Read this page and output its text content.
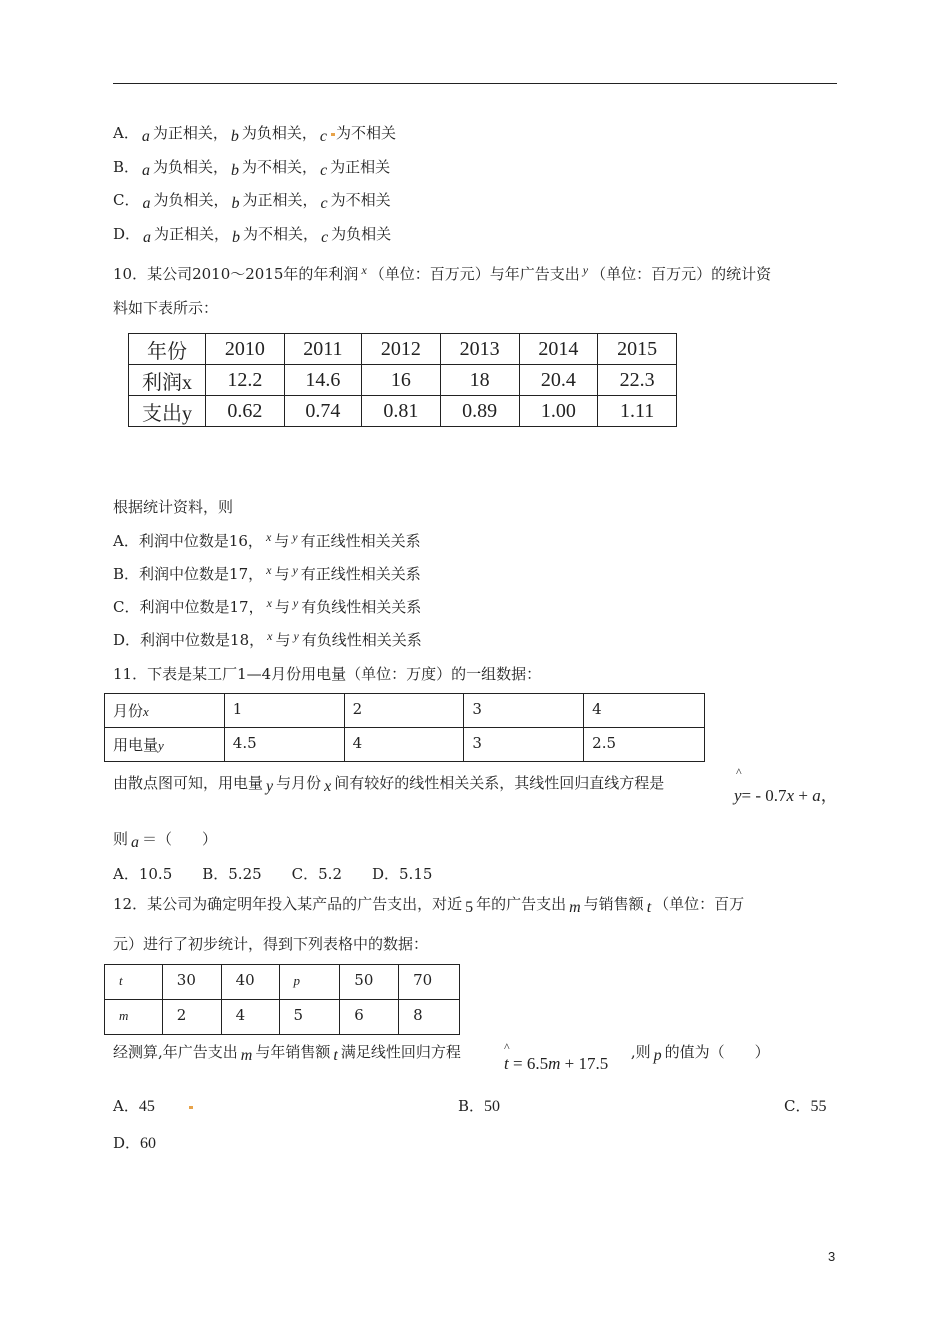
A． a 为正相关， b 为负相关， c 为不相关
B． a 为负相关， b 为不相关， c 为正相关
C． a 为负相关， b 为正相关， c 为不相关
D． a 为正相关， b 为不相关， c 为负相关
10．某公司2010～2015年的年利润 $^x$ （单位：百万元）与年广告支出 $^y$ （单位：百万元）的统计资
料如下表所示：
年份	2010	2011	2012	2013	2014	2015
利润x	12.2	14.6	16	18	20.4	22.3
支出y	0.62	0.74	0.81	0.89	1.00	1.11
根据统计资料，则
A．利润中位数是16， $^x$ 与 $^y$ 有正线性相关关系
B．利润中位数是17， $^x$ 与 $^y$ 有正线性相关关系
C．利润中位数是17， $^x$ 与 $^y$ 有负线性相关关系
D．利润中位数是18， $^x$ 与 $^y$ 有负线性相关关系
11．下表是某工厂1—4月份用电量（单位：万度）的一组数据：
月份x	1	2	3	4
用电量y	4.5	4	3	2.5
由散点图可知，用电量 y 与月份 x 间有较好的线性相关关系，其线性回归直线方程是
^
y= - 0.7x + a，
则 a ＝（　　）
A．10.5　　B．5.25　　C．5.2　　D．5.15
12．某公司为确定明年投入某产品的广告支出，对近 5 年的广告支出 m 与销售额 t （单位：百万
元）进行了初步统计，得到下列表格中的数据：
t	30	40	p	50	70
m	2	4	5	6	8
经测算,年广告支出 m 与年销售额 t 满足线性回归方程	,则 p 的值为（　　）
^
t = 6.5m + 17.5
A．45	B．50	C．55
D．60
3
